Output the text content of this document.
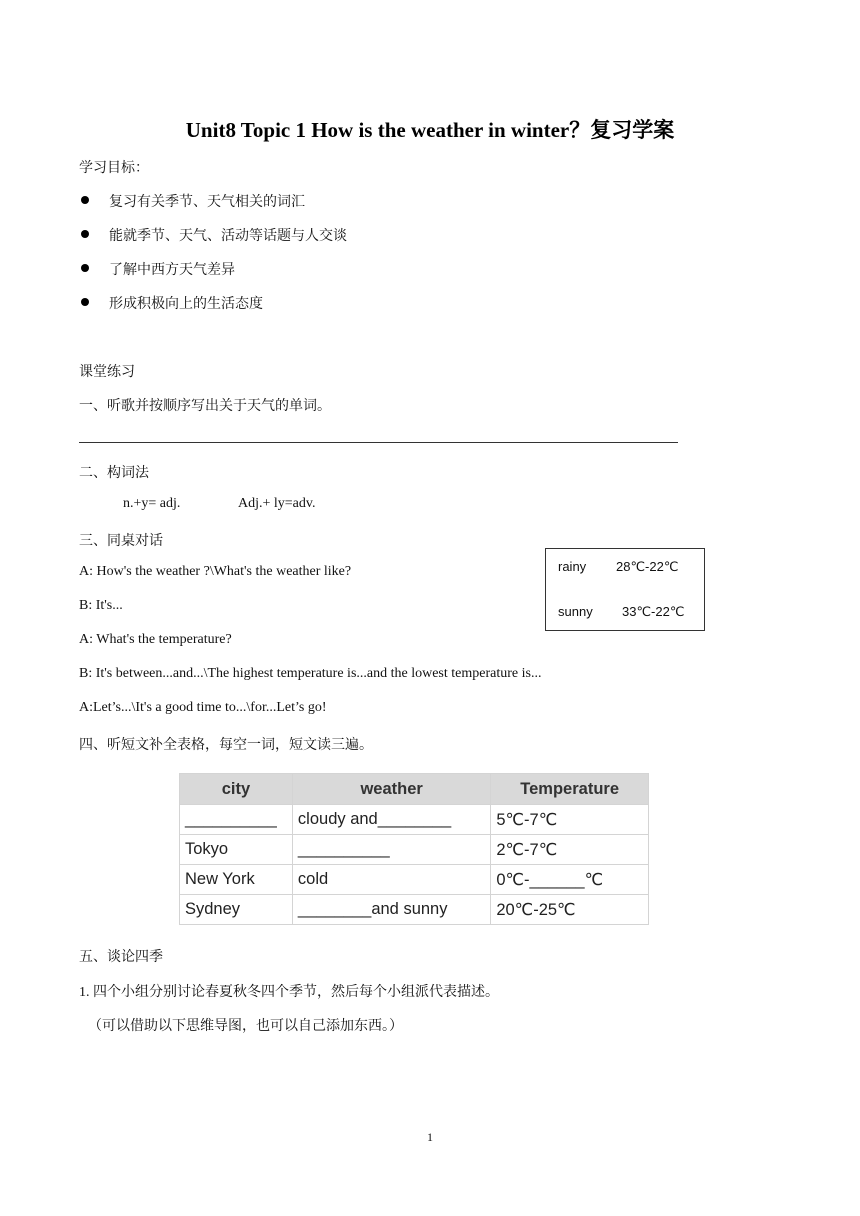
Unit8 Topic 1 How is the weather in winter？复习学案
学习目标：
复习有关季节、天气相关的词汇
能就季节、天气、活动等话题与人交谈
了解中西方天气差异
形成积极向上的生活态度
课堂练习
一、听歌并按顺序写出关于天气的单词。
二、构词法
n.+y= adj.	Adj.+ ly=adv.
三、同桌对话
A: How's the weather ?\What's the weather like?
B: It's...
A: What's the temperature?
B: It's between...and...\The highest temperature is...and the lowest temperature is...
A:Let’s...\It's a good time to...\for...Let’s go!
rainy 28℃-22℃
sunny 33℃-22℃
四、听短文补全表格，每空一词，短文读三遍。
city	weather	Temperature
__________	cloudy and________	5℃-7℃
Tokyo	__________	2℃-7℃
New York	cold	0℃-______℃
Sydney	________and sunny	20℃-25℃
五、谈论四季
1. 四个小组分别讨论春夏秋冬四个季节，然后每个小组派代表描述。
（可以借助以下思维导图，也可以自己添加东西。）
1
